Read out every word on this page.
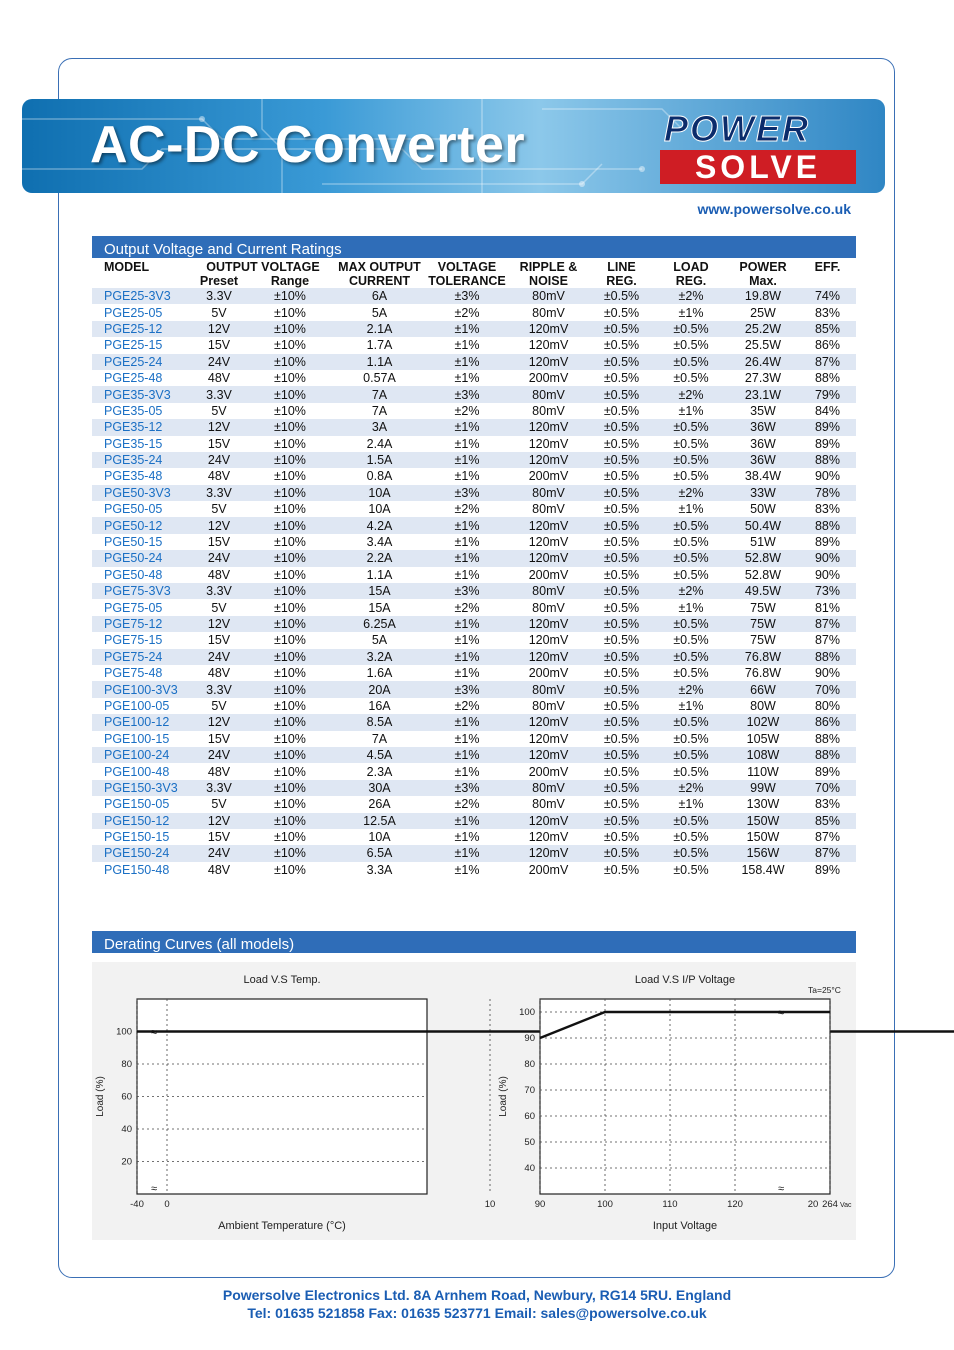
AC-DC Converter	POWER
SOLVE
www.powersolve.co.uk
Output Voltage and Current Ratings
MODEL	OUTPUT VOLTAGE		MAX OUTPUT	VOLTAGE	RIPPLE &	LINE	LOAD	POWER	EFF.
	Preset	Range	CURRENT	TOLERANCE	NOISE	REG.	REG.	Max.	
PGE25-3V3	3.3V	±10%	6A	±3%	80mV	±0.5%	±2%	19.8W	74%
PGE25-05	5V	±10%	5A	±2%	80mV	±0.5%	±1%	25W	83%
PGE25-12	12V	±10%	2.1A	±1%	120mV	±0.5%	±0.5%	25.2W	85%
PGE25-15	15V	±10%	1.7A	±1%	120mV	±0.5%	±0.5%	25.5W	86%
PGE25-24	24V	±10%	1.1A	±1%	120mV	±0.5%	±0.5%	26.4W	87%
PGE25-48	48V	±10%	0.57A	±1%	200mV	±0.5%	±0.5%	27.3W	88%
PGE35-3V3	3.3V	±10%	7A	±3%	80mV	±0.5%	±2%	23.1W	79%
PGE35-05	5V	±10%	7A	±2%	80mV	±0.5%	±1%	35W	84%
PGE35-12	12V	±10%	3A	±1%	120mV	±0.5%	±0.5%	36W	89%
PGE35-15	15V	±10%	2.4A	±1%	120mV	±0.5%	±0.5%	36W	89%
PGE35-24	24V	±10%	1.5A	±1%	120mV	±0.5%	±0.5%	36W	88%
PGE35-48	48V	±10%	0.8A	±1%	200mV	±0.5%	±0.5%	38.4W	90%
PGE50-3V3	3.3V	±10%	10A	±3%	80mV	±0.5%	±2%	33W	78%
PGE50-05	5V	±10%	10A	±2%	80mV	±0.5%	±1%	50W	83%
PGE50-12	12V	±10%	4.2A	±1%	120mV	±0.5%	±0.5%	50.4W	88%
PGE50-15	15V	±10%	3.4A	±1%	120mV	±0.5%	±0.5%	51W	89%
PGE50-24	24V	±10%	2.2A	±1%	120mV	±0.5%	±0.5%	52.8W	90%
PGE50-48	48V	±10%	1.1A	±1%	200mV	±0.5%	±0.5%	52.8W	90%
PGE75-3V3	3.3V	±10%	15A	±3%	80mV	±0.5%	±2%	49.5W	73%
PGE75-05	5V	±10%	15A	±2%	80mV	±0.5%	±1%	75W	81%
PGE75-12	12V	±10%	6.25A	±1%	120mV	±0.5%	±0.5%	75W	87%
PGE75-15	15V	±10%	5A	±1%	120mV	±0.5%	±0.5%	75W	87%
PGE75-24	24V	±10%	3.2A	±1%	120mV	±0.5%	±0.5%	76.8W	88%
PGE75-48	48V	±10%	1.6A	±1%	200mV	±0.5%	±0.5%	76.8W	90%
PGE100-3V3	3.3V	±10%	20A	±3%	80mV	±0.5%	±2%	66W	70%
PGE100-05	5V	±10%	16A	±2%	80mV	±0.5%	±1%	80W	80%
PGE100-12	12V	±10%	8.5A	±1%	120mV	±0.5%	±0.5%	102W	86%
PGE100-15	15V	±10%	7A	±1%	120mV	±0.5%	±0.5%	105W	88%
PGE100-24	24V	±10%	4.5A	±1%	120mV	±0.5%	±0.5%	108W	88%
PGE100-48	48V	±10%	2.3A	±1%	200mV	±0.5%	±0.5%	110W	89%
PGE150-3V3	3.3V	±10%	30A	±3%	80mV	±0.5%	±2%	99W	70%
PGE150-05	5V	±10%	26A	±2%	80mV	±0.5%	±1%	130W	83%
PGE150-12	12V	±10%	12.5A	±1%	120mV	±0.5%	±0.5%	150W	85%
PGE150-15	15V	±10%	10A	±1%	120mV	±0.5%	±0.5%	150W	87%
PGE150-24	24V	±10%	6.5A	±1%	120mV	±0.5%	±0.5%	156W	87%
PGE150-48	48V	±10%	3.3A	±1%	200mV	±0.5%	±0.5%	158.4W	89%
Derating Curves (all models)
-40 0	10	20
20
40
60
80
100
≈
Load V.S Temp.
Ambient Temperature (°C)
Load (%)
≈
90	100	110	120	264
40
50
60
70
80
90
100
≈
Load V.S I/P Voltage
Input Voltage
Load (%)
Ta=25°C
Vac
≈
Powersolve Electronics Ltd. 8A Arnhem Road, Newbury, RG14 5RU. England
Tel: 01635 521858 Fax: 01635 523771 Email: sales@powersolve.co.uk
